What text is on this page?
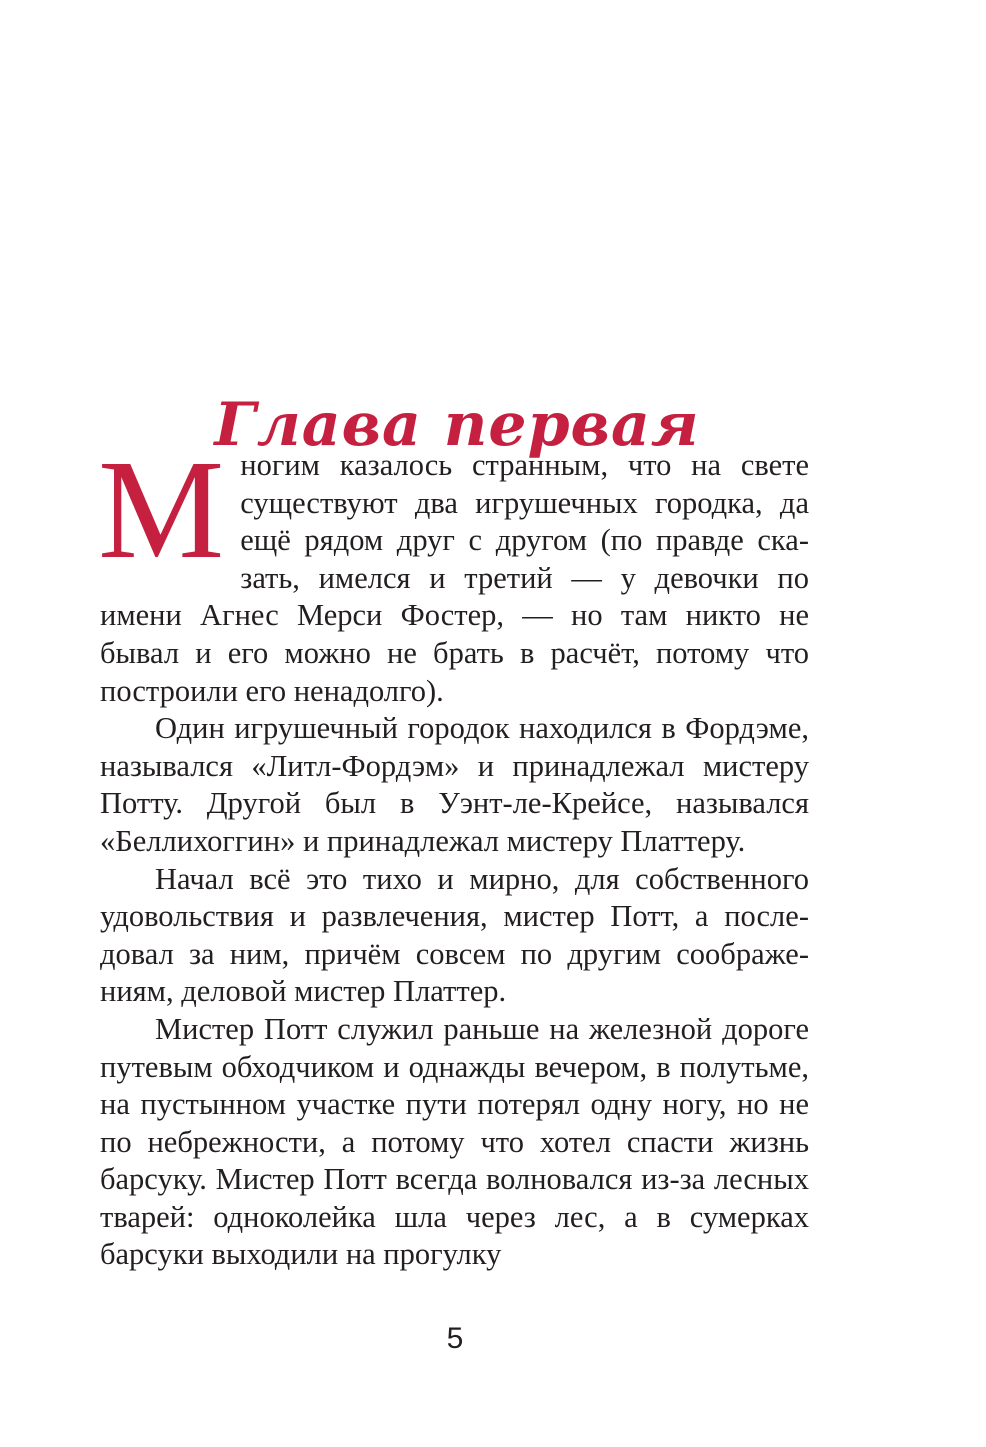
Глава первая

Многим казалось странным, что на свете существуют два игрушечных городка, да ещё рядом друг с другом (по правде сказать, имелся и третий — у девочки по имени Агнес Мерси Фостер, — но там никто не бывал и его можно не брать в расчёт, потому что построили его ненадолго).

Один игрушечный городок находился в Фордэме, назывался «Литл-Фордэм» и принадлежал мистеру Потту. Другой был в Уэнт-ле-Крейсе, назывался «Беллихоггин» и принадлежал мистеру Платтеру.

Начал всё это тихо и мирно, для собственного удовольствия и развлечения, мистер Потт, а последовал за ним, причём совсем по другим соображениям, деловой мистер Платтер.

Мистер Потт служил раньше на железной дороге путевым обходчиком и однажды вечером, в полутьме, на пустынном участке пути потерял одну ногу, но не по небрежности, а потому что хотел спасти жизнь барсуку. Мистер Потт всегда волновался из-за лесных тварей: одноколейка шла через лес, а в сумерках барсуки выходили на прогулку

5
